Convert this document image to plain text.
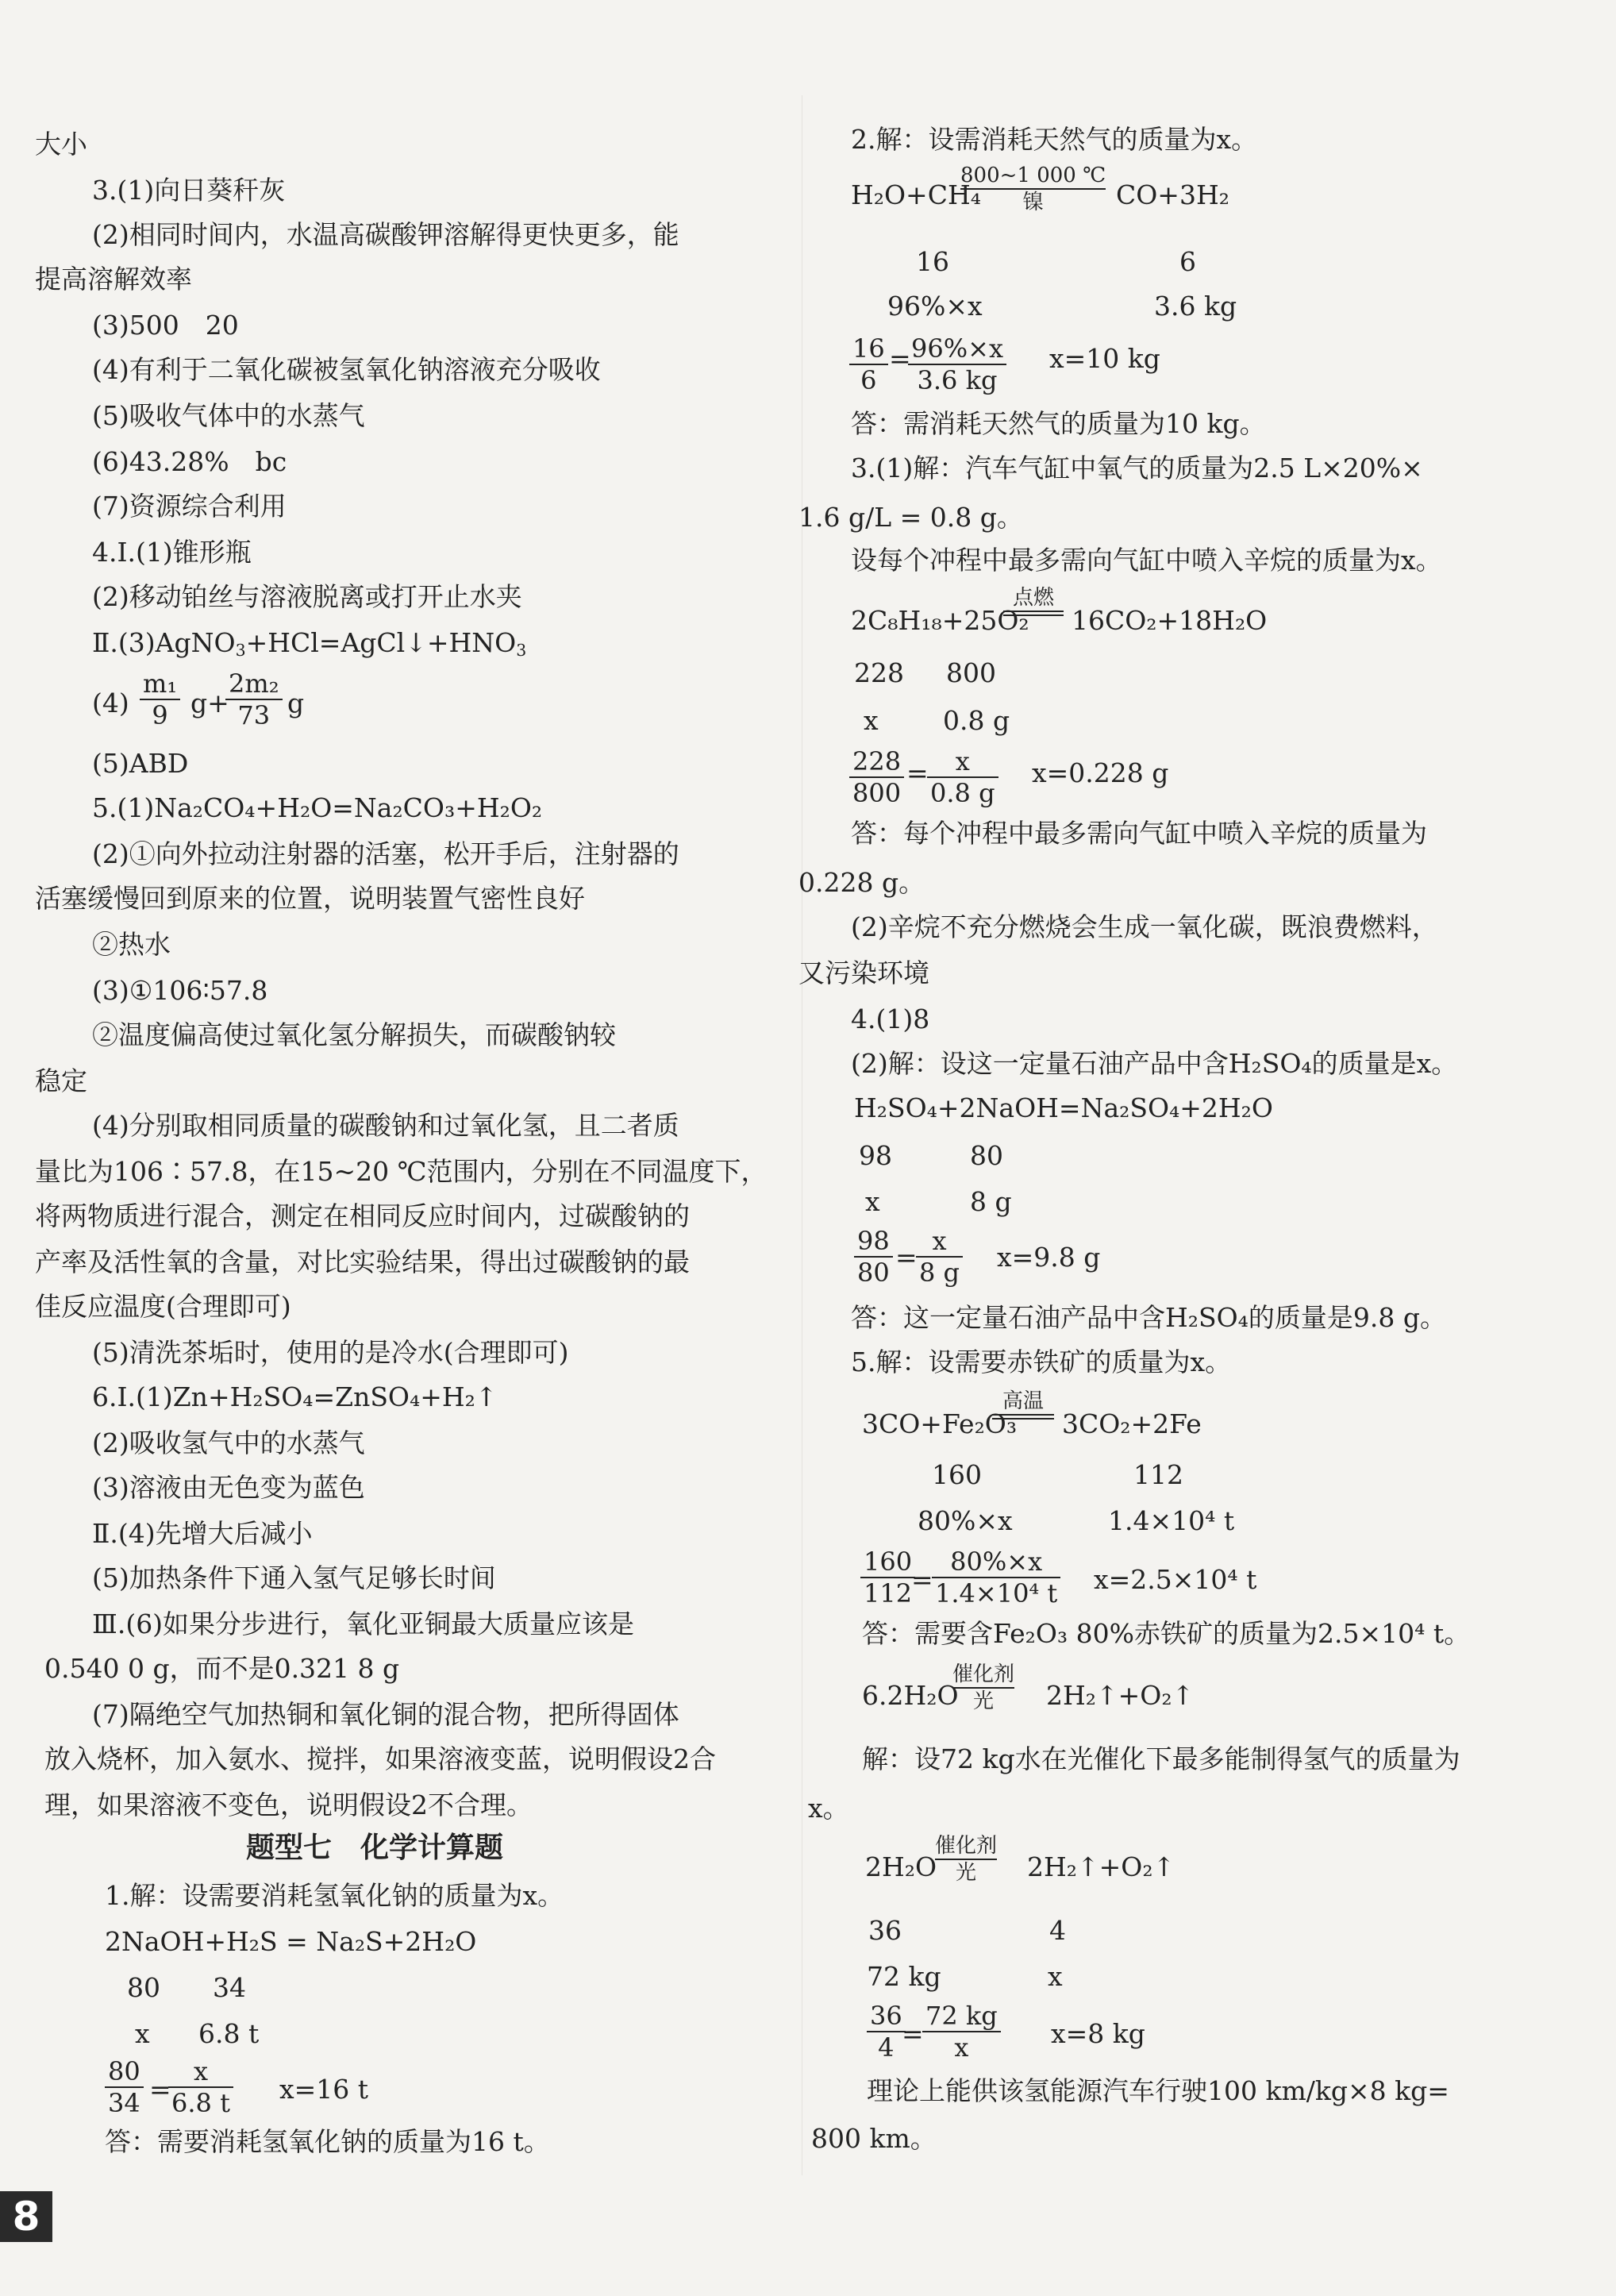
大小
3.(1)向日葵秆灰
(2)相同时间内，水温高碳酸钾溶解得更快更多，能
提高溶解效率
(3)500　20
(4)有利于二氧化碳被氢氧化钠溶液充分吸收
(5)吸收气体中的水蒸气
(6)43.28%　bc
(7)资源综合利用
4.Ⅰ.(1)锥形瓶
(2)移动铂丝与溶液脱离或打开止水夹
$Ⅱ.(3)AgNO_3+HCl=AgCl↓+HNO_3$
(4)
m₁
9 g+
2m₂
73 g
(5)ABD
5.(1)Na₂CO₄+H₂O=Na₂CO₃+H₂O₂
(2)①向外拉动注射器的活塞，松开手后，注射器的
活塞缓慢回到原来的位置，说明装置气密性良好
②热水
(3)①106∶57.8
②温度偏高使过氧化氢分解损失，而碳酸钠较
稳定
(4)分别取相同质量的碳酸钠和过氧化氢，且二者质
量比为106∶57.8，在15~20 ℃范围内，分别在不同温度下，
将两物质进行混合，测定在相同反应时间内，过碳酸钠的
产率及活性氧的含量，对比实验结果，得出过碳酸钠的最
佳反应温度(合理即可)
(5)清洗茶垢时，使用的是冷水(合理即可)
6.Ⅰ.(1)Zn+H₂SO₄=ZnSO₄+H₂↑
(2)吸收氢气中的水蒸气
(3)溶液由无色变为蓝色
Ⅱ.(4)先增大后减小
(5)加热条件下通入氢气足够长时间
Ⅲ.(6)如果分步进行，氧化亚铜最大质量应该是
0.540 0 g，而不是0.321 8 g
(7)隔绝空气加热铜和氧化铜的混合物，把所得固体
放入烧杯，加入氨水、搅拌，如果溶液变蓝，说明假设2合
理，如果溶液不变色，说明假设2不合理。
题型七　化学计算题
1.解：设需要消耗氢氧化钠的质量为x。
2NaOH+H₂S = Na₂S+2H₂O
80 34
x 6.8 t
80
34 =
x
6.8 t x=16 t
答：需要消耗氢氧化钠的质量为16 t。
2.解：设需消耗天然气的质量为x。
H₂O+CH₄
800~1 000 ℃
镍	CO+3H₂
16	6
96%×x	3.6 kg
16
6
= 96%×x
3.6 kg
x=10 kg
答：需消耗天然气的质量为10 kg。
3.(1)解：汽车气缸中氧气的质量为2.5 L×20%×
1.6 g/L = 0.8 g。
设每个冲程中最多需向气缸中喷入辛烷的质量为x。
2C₈H₁₈+25O₂
点燃
16CO₂+18H₂O
228 800
x 0.8 g
228
800
= x
0.8 g
x=0.228 g
答：每个冲程中最多需向气缸中喷入辛烷的质量为
0.228 g。
(2)辛烷不充分燃烧会生成一氧化碳，既浪费燃料，
又污染环境
4.(1)8
(2)解：设这一定量石油产品中含H₂SO₄的质量是x。
H₂SO₄+2NaOH=Na₂SO₄+2H₂O
98	80
x	8 g
98
80 =
x
8 g x=9.8 g
答：这一定量石油产品中含H₂SO₄的质量是9.8 g。
5.解：设需要赤铁矿的质量为x。
3CO+Fe₂O₃
高温
3CO₂+2Fe
160	112
80%×x	1.4×10⁴ t
160
112
=
80%×x
1.4×10⁴ t x=2.5×10⁴ t
答：需要含Fe₂O₃ 80%赤铁矿的质量为2.5×10⁴ t。
6.2H₂O
催化剂
光 2H₂↑+O₂↑
解：设72 kg水在光催化下最多能制得氢气的质量为
x。
2H₂O
催化剂
光 2H₂↑+O₂↑
36	4
72 kg	x
36
4 =
72 kg
x	x=8 kg
理论上能供该氢能源汽车行驶100 km/kg×8 kg=
800 km。
8
